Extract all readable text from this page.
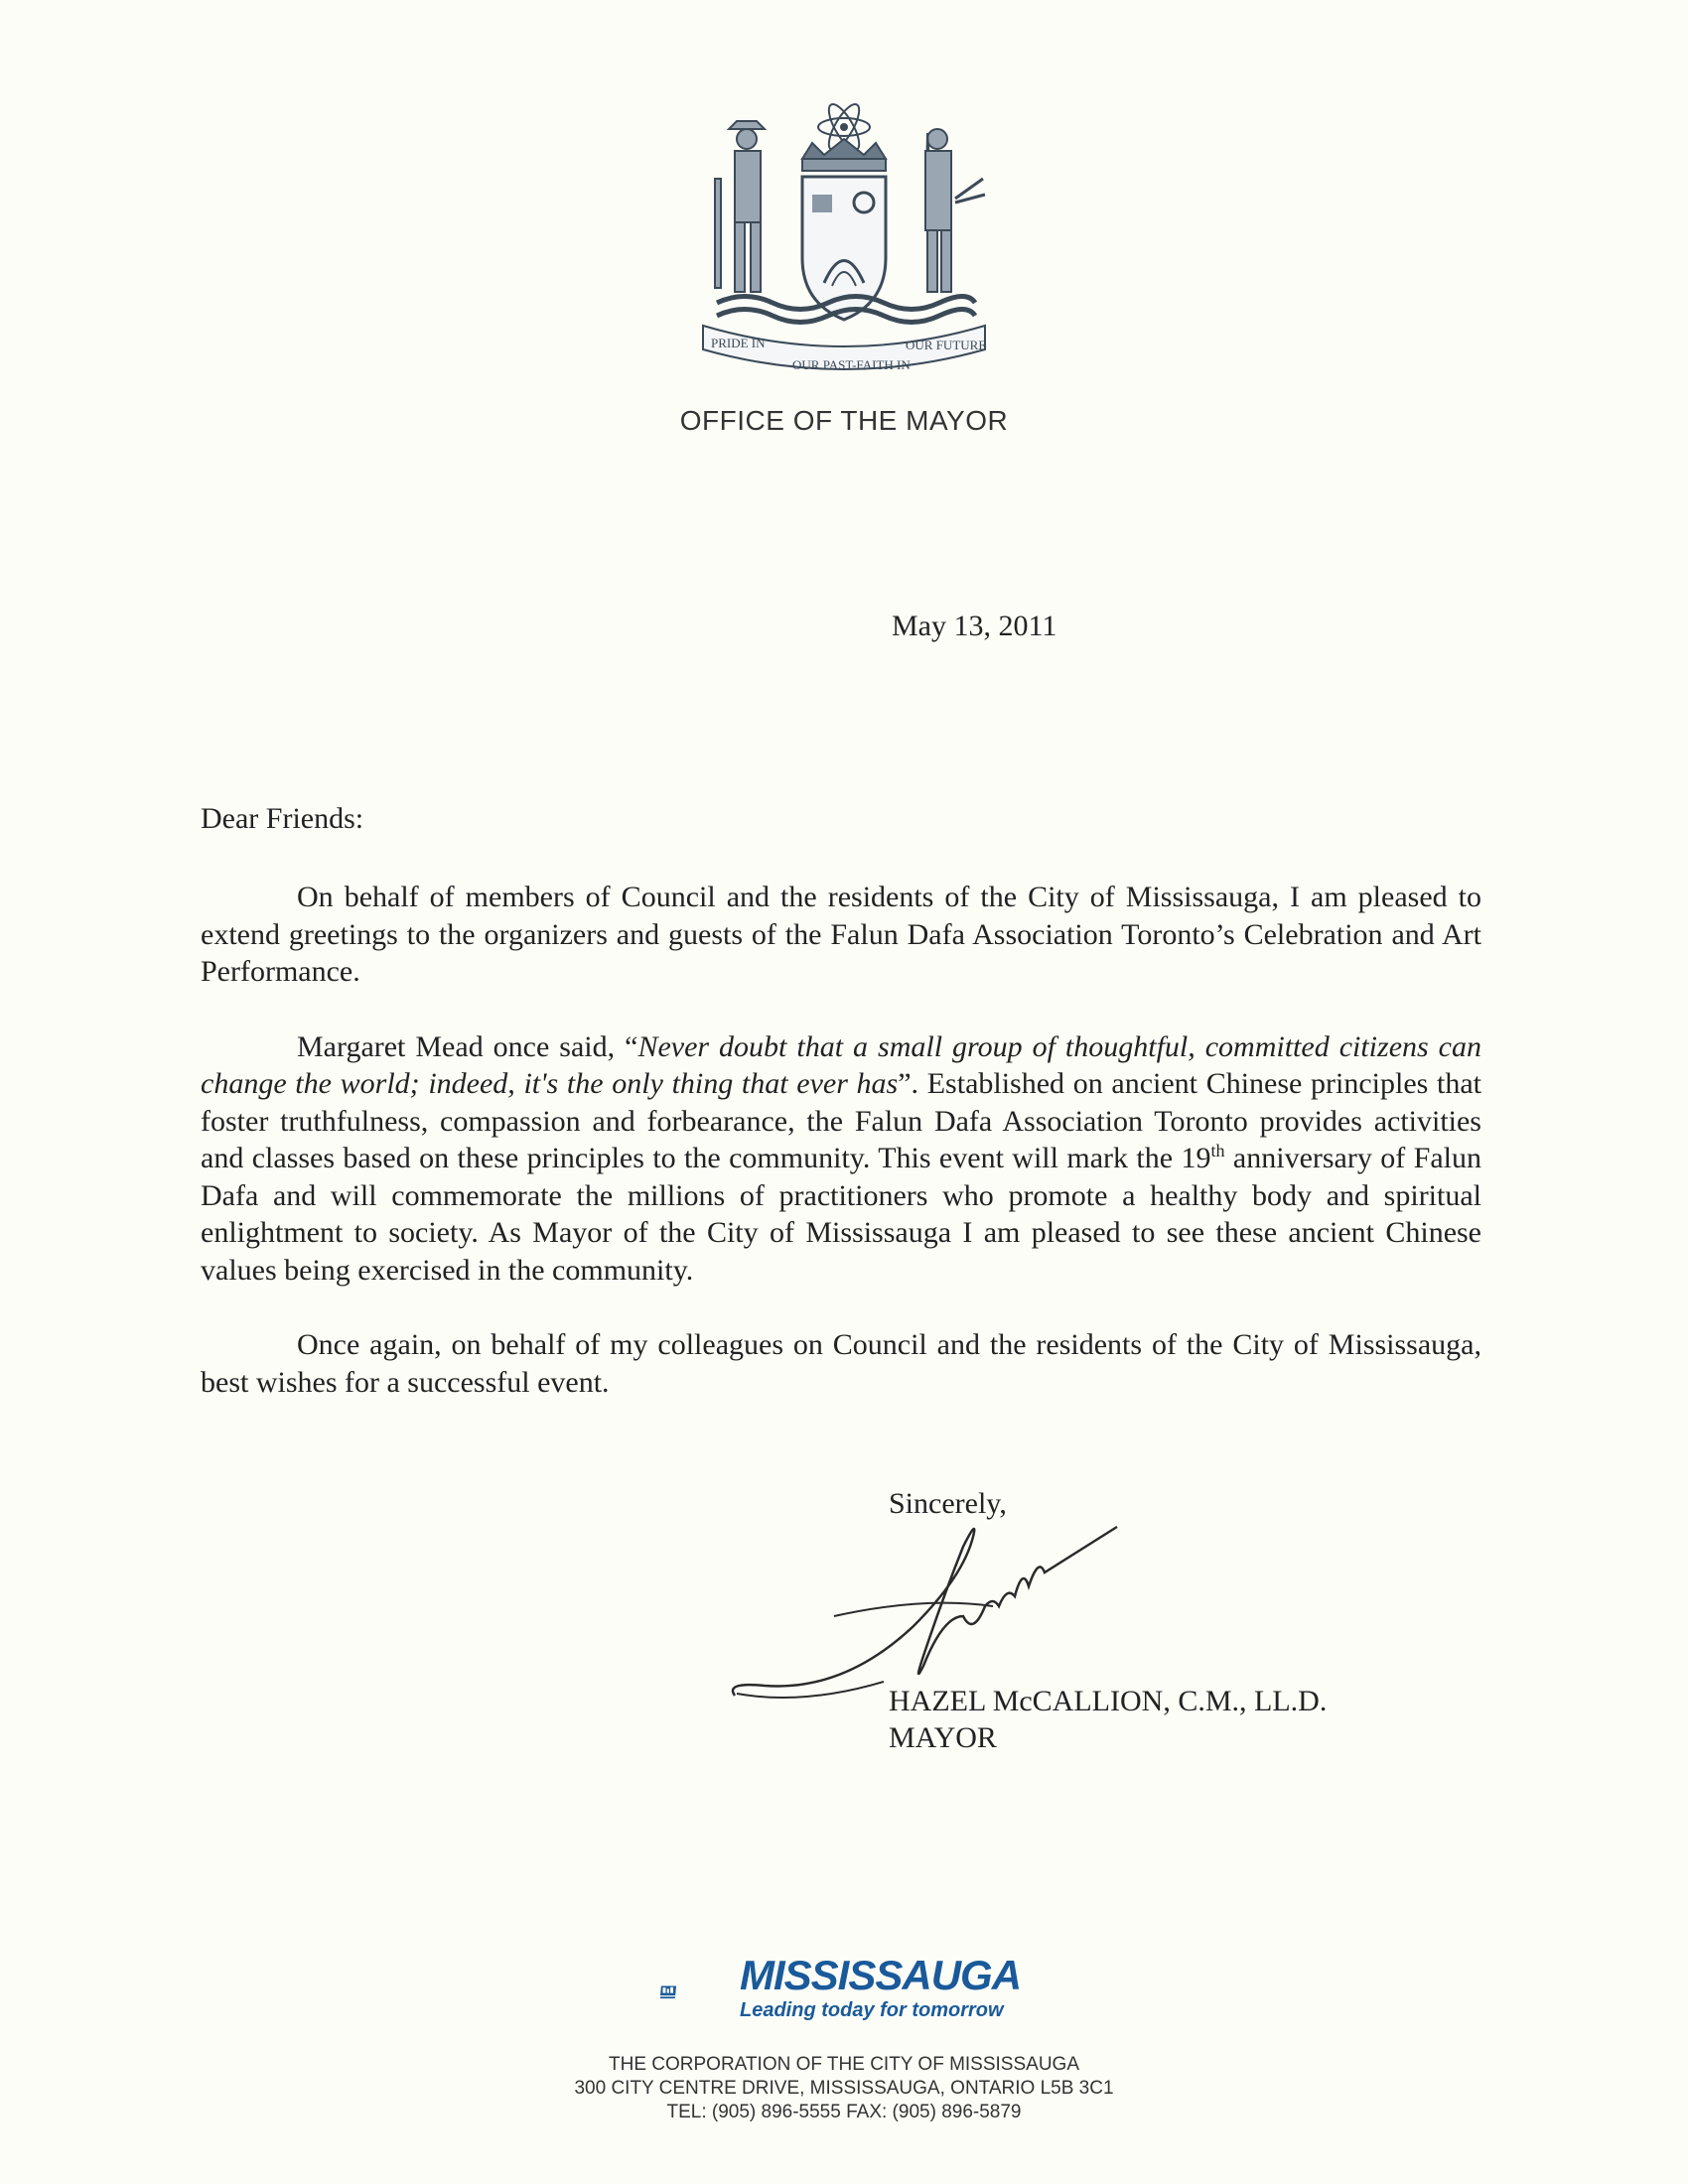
PRIDE IN
OUR PAST-FAITH IN
OUR FUTURE
OFFICE OF THE MAYOR
May 13, 2011
Dear Friends:

On behalf of members of Council and the residents of the City of Mississauga, I am pleased to extend greetings to the organizers and guests of the Falun Dafa Association Toronto’s Celebration and Art Performance.

Margaret Mead once said, “Never doubt that a small group of thoughtful, committed citizens can change the world; indeed, it's the only thing that ever has”. Established on ancient Chinese principles that foster truthfulness, compassion and forbearance, the Falun Dafa Association Toronto provides activities and classes based on these principles to the community. This event will mark the 19th anniversary of Falun Dafa and will commemorate the millions of practitioners who promote a healthy body and spiritual enlightment to society. As Mayor of the City of Mississauga I am pleased to see these ancient Chinese values being exercised in the community.

Once again, on behalf of my colleagues on Council and the residents of the City of Mississauga, best wishes for a successful event.

Sincerely,
HAZEL McCALLION, C.M., LL.D.
MAYOR
MISSISSAUGA
Leading today for tomorrow
THE CORPORATION OF THE CITY OF MISSISSAUGA
300 CITY CENTRE DRIVE, MISSISSAUGA, ONTARIO L5B 3C1
TEL: (905) 896-5555 FAX: (905) 896-5879
